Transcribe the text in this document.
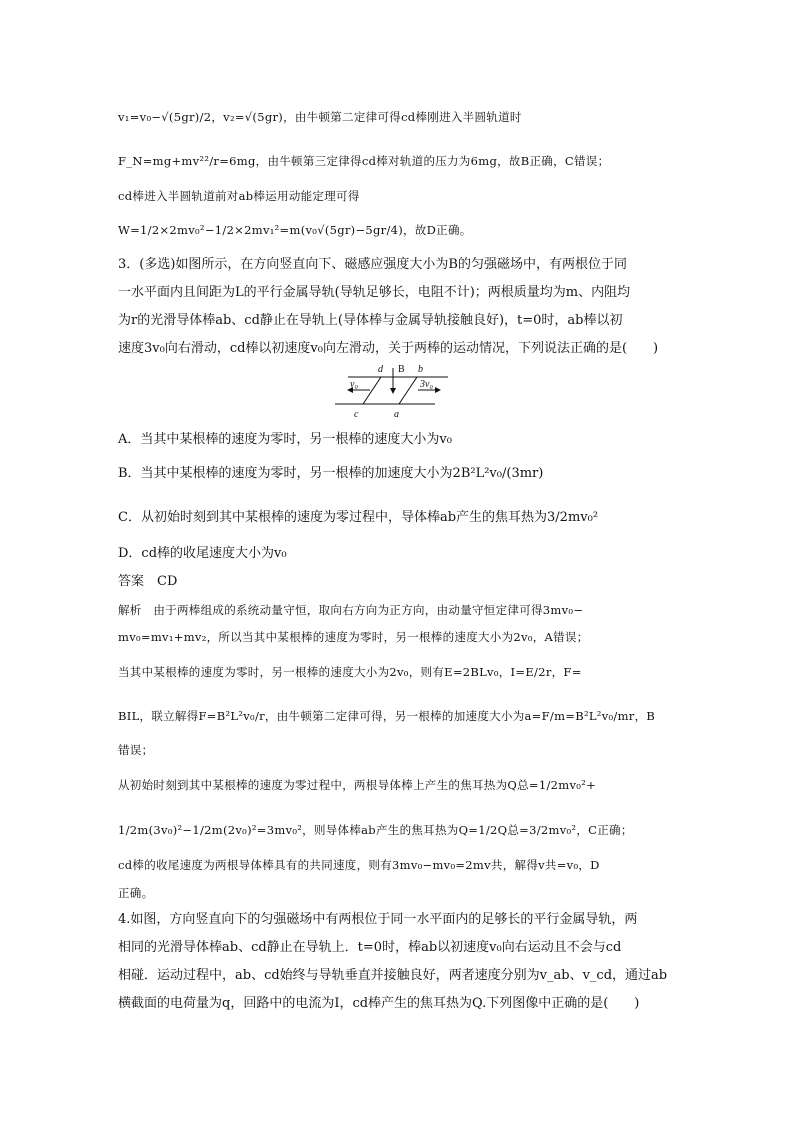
v₁=v₀−√(5gr)/2，v₂=√(5gr)，由牛顿第二定律可得cd棒刚进入半圆轨道时
F_N=mg+mv²²/r=6mg，由牛顿第三定律得cd棒对轨道的压力为6mg，故B正确，C错误；
cd棒进入半圆轨道前对ab棒运用动能定理可得
W=1/2×2mv₀²−1/2×2mv₁²=m(v₀√(5gr)−5gr/4)，故D正确。
3．(多选)如图所示，在方向竖直向下、磁感应强度大小为B的匀强磁场中，有两根位于同
一水平面内且间距为L的平行金属导轨(导轨足够长，电阻不计)；两根质量均为m、内阻均
为r的光滑导体棒ab、cd静止在导轨上(导体棒与金属导轨接触良好)，t=0时，ab棒以初
速度3v₀向右滑动，cd棒以初速度v₀向左滑动，关于两棒的运动情况，下列说法正确的是(　　)
d B b
v₀	3v₀
c	a
A．当其中某根棒的速度为零时，另一根棒的速度大小为v₀
B．当其中某根棒的速度为零时，另一根棒的加速度大小为2B²L²v₀/(3mr)
C．从初始时刻到其中某根棒的速度为零过程中，导体棒ab产生的焦耳热为3/2mv₀²
D．cd棒的收尾速度大小为v₀
答案　CD
解析　由于两棒组成的系统动量守恒，取向右方向为正方向，由动量守恒定律可得3mv₀−
mv₀=mv₁+mv₂，所以当其中某根棒的速度为零时，另一根棒的速度大小为2v₀，A错误；
当其中某根棒的速度为零时，另一根棒的速度大小为2v₀，则有E=2BLv₀，I=E/2r，F=
BIL，联立解得F=B²L²v₀/r，由牛顿第二定律可得，另一根棒的加速度大小为a=F/m=B²L²v₀/mr，B
错误；
从初始时刻到其中某根棒的速度为零过程中，两根导体棒上产生的焦耳热为Q总=1/2mv₀²+
1/2m(3v₀)²−1/2m(2v₀)²=3mv₀²，则导体棒ab产生的焦耳热为Q=1/2Q总=3/2mv₀²，C正确；
cd棒的收尾速度为两根导体棒具有的共同速度，则有3mv₀−mv₀=2mv共，解得v共=v₀，D
正确。
4.如图，方向竖直向下的匀强磁场中有两根位于同一水平面内的足够长的平行金属导轨，两
相同的光滑导体棒ab、cd静止在导轨上．t=0时，棒ab以初速度v₀向右运动且不会与cd
相碰．运动过程中，ab、cd始终与导轨垂直并接触良好，两者速度分别为v_ab、v_cd，通过ab
横截面的电荷量为q，回路中的电流为I，cd棒产生的焦耳热为Q.下列图像中正确的是(　　)
